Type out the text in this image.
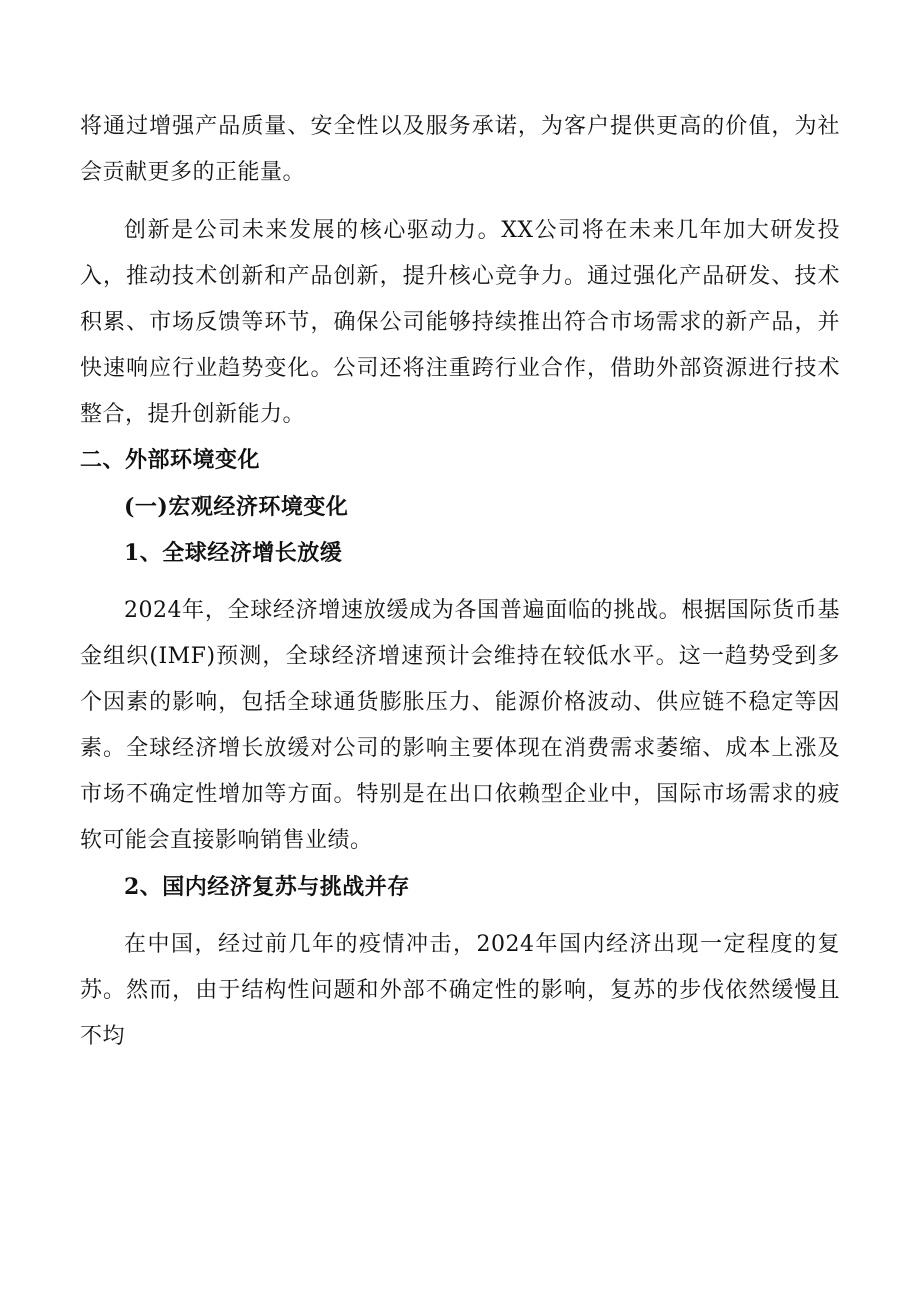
将通过增强产品质量、安全性以及服务承诺，为客户提供更高的价值，为社会贡献更多的正能量。

创新是公司未来发展的核心驱动力。XX公司将在未来几年加大研发投入，推动技术创新和产品创新，提升核心竞争力。通过强化产品研发、技术积累、市场反馈等环节，确保公司能够持续推出符合市场需求的新产品，并快速响应行业趋势变化。公司还将注重跨行业合作，借助外部资源进行技术整合，提升创新能力。

二、外部环境变化
(一)宏观经济环境变化
1、全球经济增长放缓

2024年，全球经济增速放缓成为各国普遍面临的挑战。根据国际货币基金组织(IMF)预测，全球经济增速预计会维持在较低水平。这一趋势受到多个因素的影响，包括全球通货膨胀压力、能源价格波动、供应链不稳定等因素。全球经济增长放缓对公司的影响主要体现在消费需求萎缩、成本上涨及市场不确定性增加等方面。特别是在出口依赖型企业中，国际市场需求的疲软可能会直接影响销售业绩。

2、国内经济复苏与挑战并存

在中国，经过前几年的疫情冲击，2024年国内经济出现一定程度的复苏。然而，由于结构性问题和外部不确定性的影响，复苏的步伐依然缓慢且不均
